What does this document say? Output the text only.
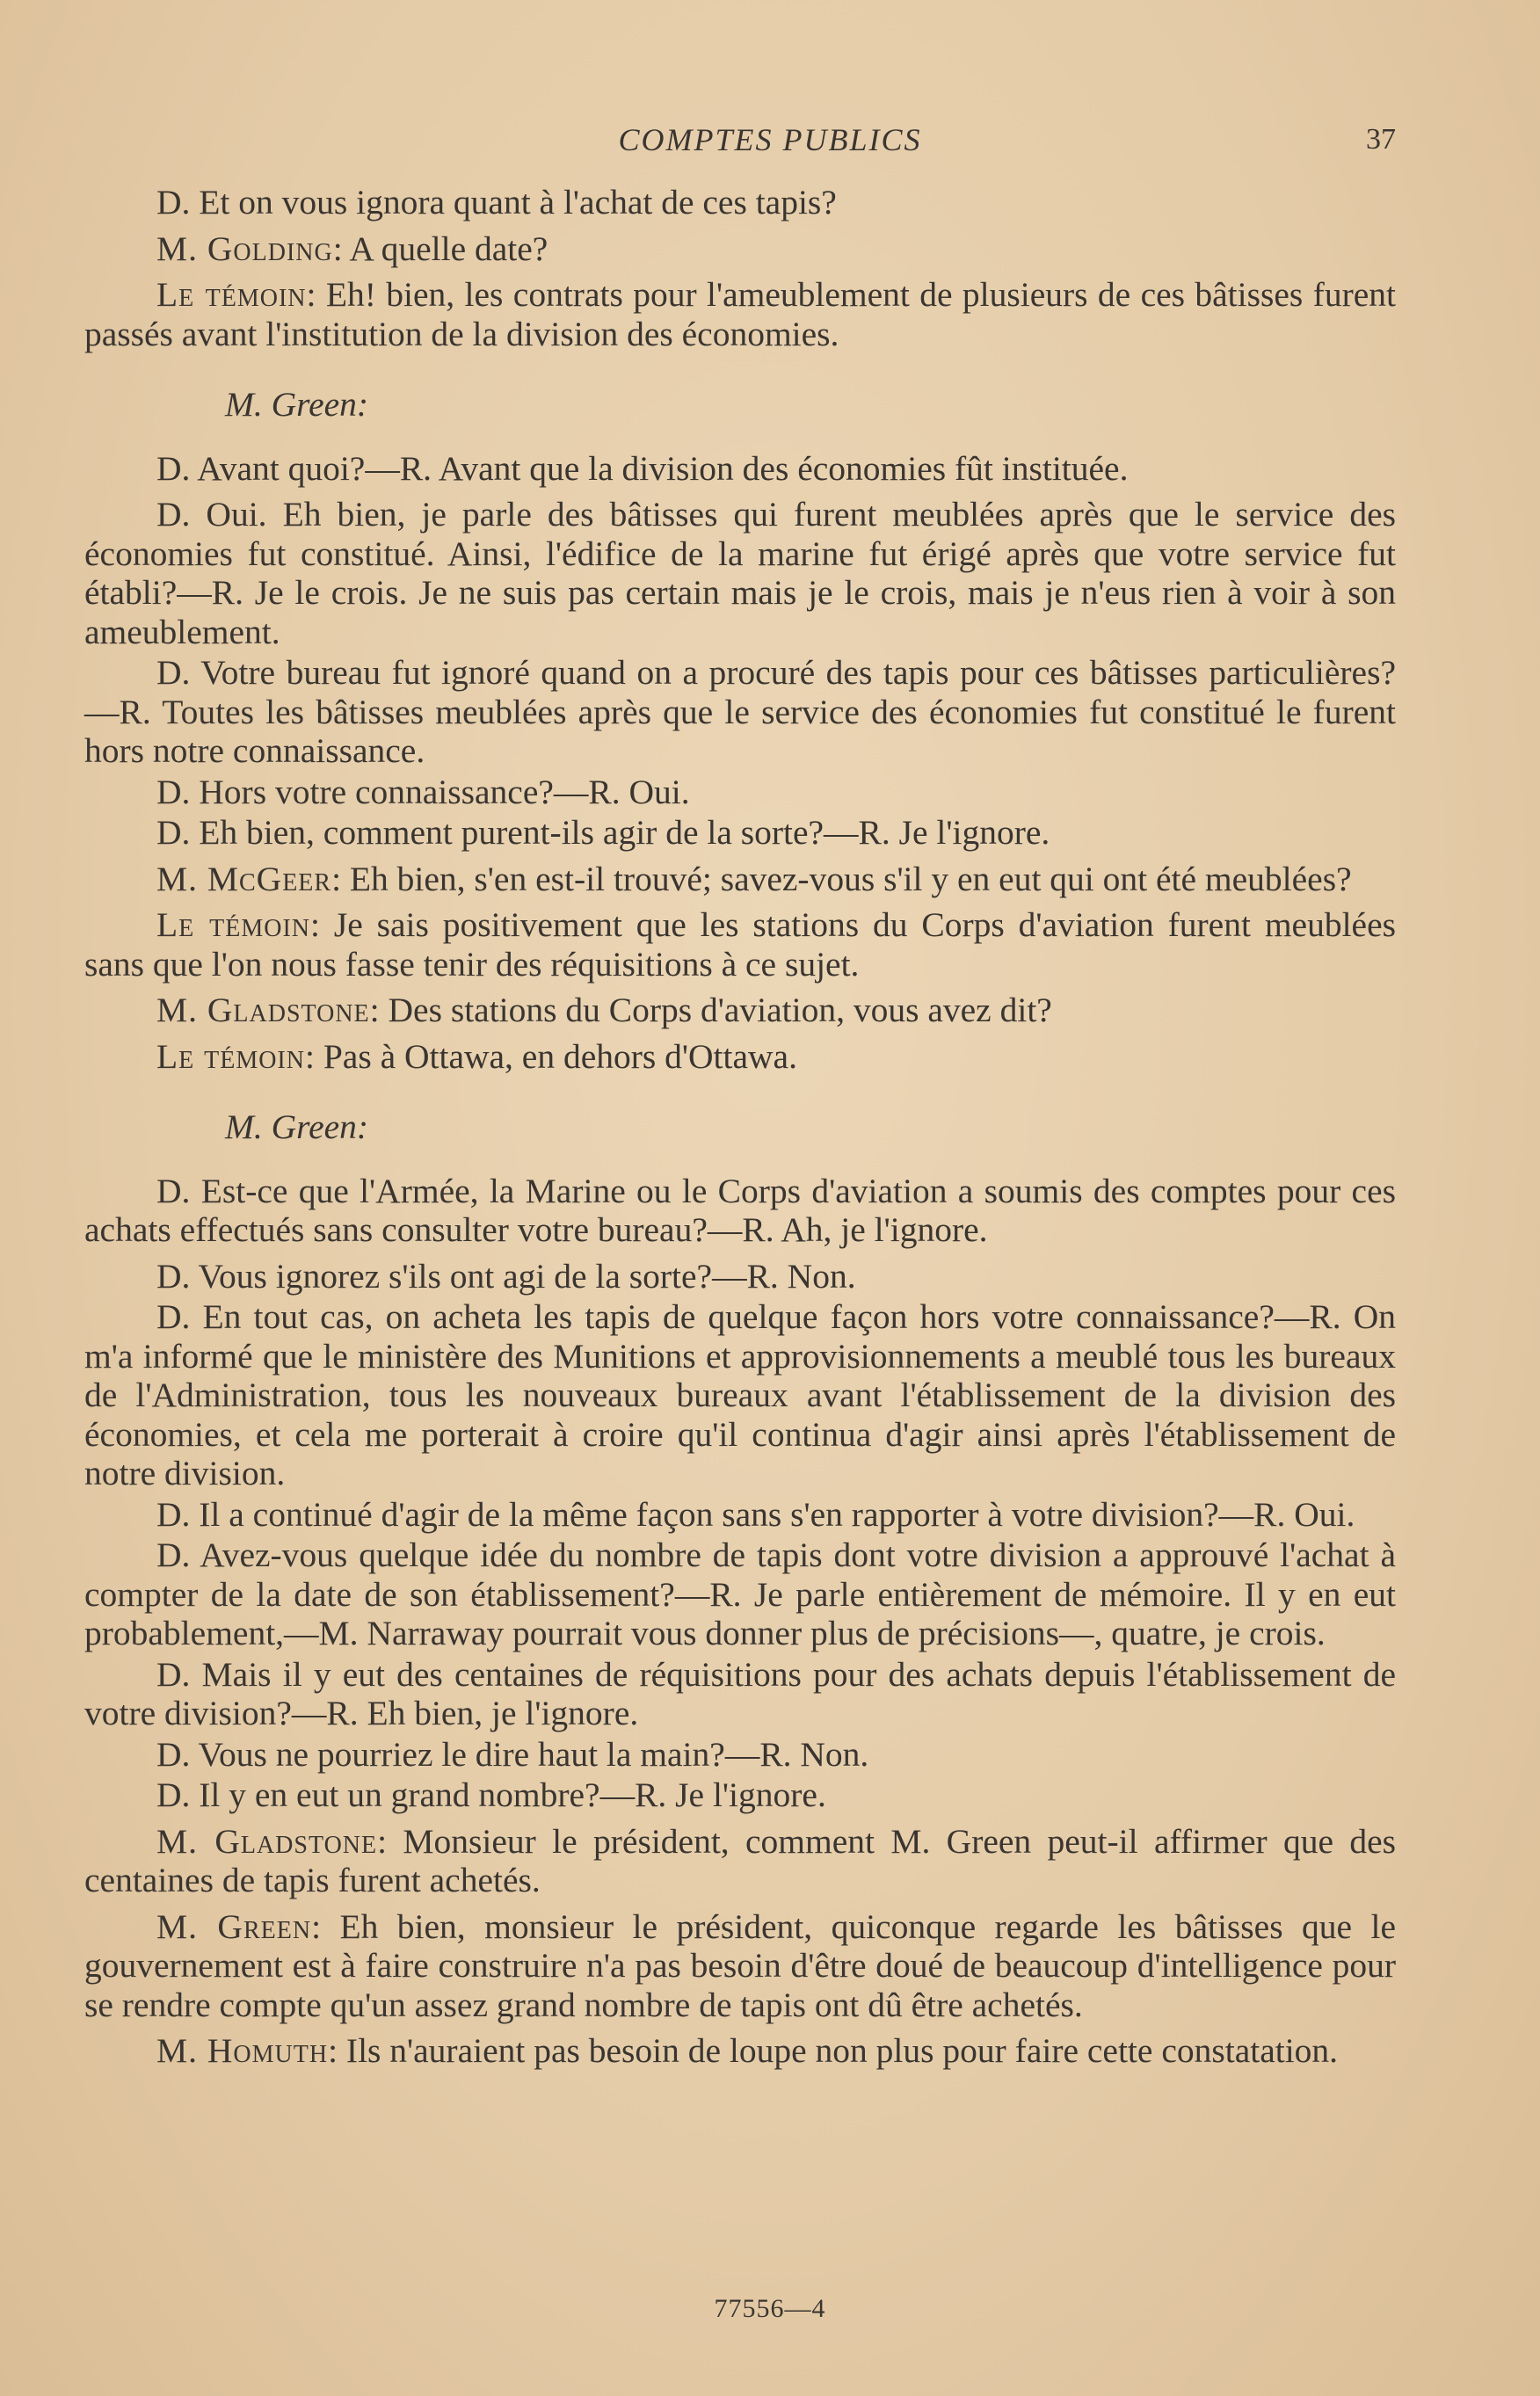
COMPTES PUBLICS	37

D. Et on vous ignora quant à l'achat de ces tapis?

M. Golding: A quelle date?

Le témoin: Eh! bien, les contrats pour l'ameublement de plusieurs de ces bâtisses furent passés avant l'institution de la division des économies.

M. Green:

D. Avant quoi?—R. Avant que la division des économies fût instituée.

D. Oui. Eh bien, je parle des bâtisses qui furent meublées après que le service des économies fut constitué. Ainsi, l'édifice de la marine fut érigé après que votre service fut établi?—R. Je le crois. Je ne suis pas certain mais je le crois, mais je n'eus rien à voir à son ameublement.

D. Votre bureau fut ignoré quand on a procuré des tapis pour ces bâtisses particulières?—R. Toutes les bâtisses meublées après que le service des économies fut constitué le furent hors notre connaissance.

D. Hors votre connaissance?—R. Oui.

D. Eh bien, comment purent-ils agir de la sorte?—R. Je l'ignore.

M. McGeer: Eh bien, s'en est-il trouvé; savez-vous s'il y en eut qui ont été meublées?

Le témoin: Je sais positivement que les stations du Corps d'aviation furent meublées sans que l'on nous fasse tenir des réquisitions à ce sujet.

M. Gladstone: Des stations du Corps d'aviation, vous avez dit?

Le témoin: Pas à Ottawa, en dehors d'Ottawa.

M. Green:

D. Est-ce que l'Armée, la Marine ou le Corps d'aviation a soumis des comptes pour ces achats effectués sans consulter votre bureau?—R. Ah, je l'ignore.

D. Vous ignorez s'ils ont agi de la sorte?—R. Non.

D. En tout cas, on acheta les tapis de quelque façon hors votre connaissance?—R. On m'a informé que le ministère des Munitions et approvisionnements a meublé tous les bureaux de l'Administration, tous les nouveaux bureaux avant l'établissement de la division des économies, et cela me porterait à croire qu'il continua d'agir ainsi après l'établissement de notre division.

D. Il a continué d'agir de la même façon sans s'en rapporter à votre division?—R. Oui.

D. Avez-vous quelque idée du nombre de tapis dont votre division a approuvé l'achat à compter de la date de son établissement?—R. Je parle entièrement de mémoire. Il y en eut probablement,—M. Narraway pourrait vous donner plus de précisions—, quatre, je crois.

D. Mais il y eut des centaines de réquisitions pour des achats depuis l'établissement de votre division?—R. Eh bien, je l'ignore.

D. Vous ne pourriez le dire haut la main?—R. Non.

D. Il y en eut un grand nombre?—R. Je l'ignore.

M. Gladstone: Monsieur le président, comment M. Green peut-il affirmer que des centaines de tapis furent achetés.

M. Green: Eh bien, monsieur le président, quiconque regarde les bâtisses que le gouvernement est à faire construire n'a pas besoin d'être doué de beaucoup d'intelligence pour se rendre compte qu'un assez grand nombre de tapis ont dû être achetés.

M. Homuth: Ils n'auraient pas besoin de loupe non plus pour faire cette constatation.

77556—4
